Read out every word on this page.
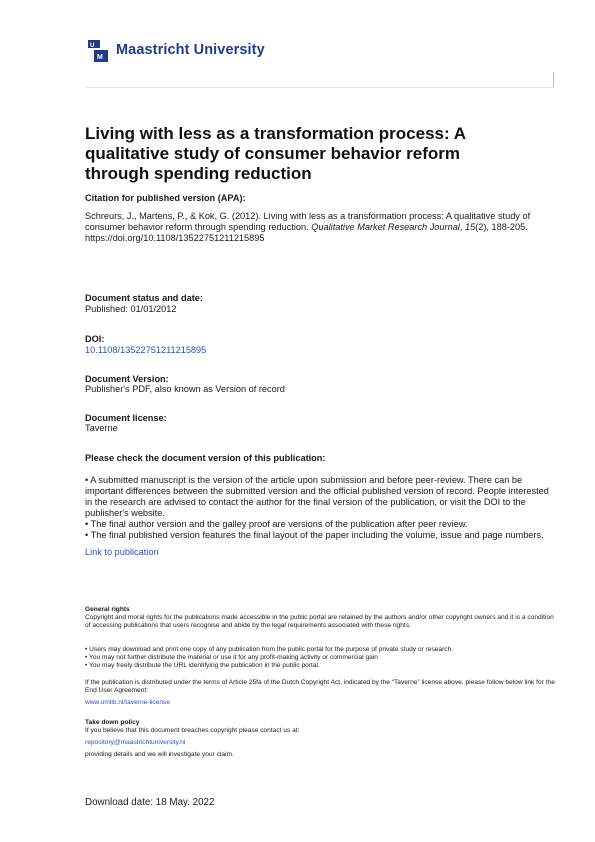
U
M Maastricht University
Living with less as a transformation process: A qualitative study of consumer behavior reform through spending reduction
Citation for published version (APA):
Schreurs, J., Martens, P., & Kok, G. (2012). Living with less as a transformation process: A qualitative study of consumer behavior reform through spending reduction. Qualitative Market Research Journal, 15(2), 188-205. https://doi.org/10.1108/13522751211215895
Document status and date:
Published: 01/01/2012
DOI:
10.1108/13522751211215895
Document Version:
Publisher's PDF, also known as Version of record
Document license:
Taverne
Please check the document version of this publication:
• A submitted manuscript is the version of the article upon submission and before peer-review. There can be important differences between the submitted version and the official published version of record. People interested in the research are advised to contact the author for the final version of the publication, or visit the DOI to the publisher's website.
• The final author version and the galley proof are versions of the publication after peer review.
• The final published version features the final layout of the paper including the volume, issue and page numbers.
Link to publication
General rights
Copyright and moral rights for the publications made accessible in the public portal are retained by the authors and/or other copyright owners and it is a condition of accessing publications that users recognise and abide by the legal requirements associated with these rights.
• Users may download and print one copy of any publication from the public portal for the purpose of private study or research.
• You may not further distribute the material or use it for any profit-making activity or commercial gain
• You may freely distribute the URL identifying the publication in the public portal.
If the publication is distributed under the terms of Article 25fa of the Dutch Copyright Act, indicated by the “Taverne” license above, please follow below link for the End User Agreement:
www.umlib.nl/taverne-license
Take down policy
If you believe that this document breaches copyright please contact us at:
repository@maastrichtuniversity.nl
providing details and we will investigate your claim.
Download date: 18 May. 2022
